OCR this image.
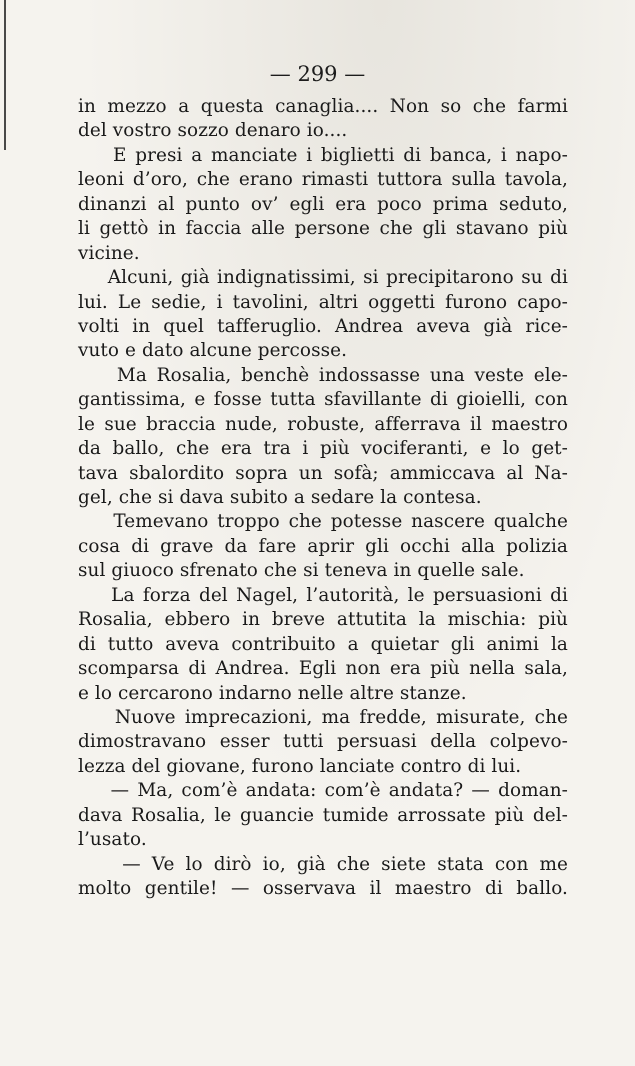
— 299 —
in mezzo a questa canaglia.... Non so che farmi
del vostro sozzo denaro io....
E presi a manciate i biglietti di banca, i napo-
leoni d’oro, che erano rimasti tuttora sulla tavola,
dinanzi al punto ov’ egli era poco prima seduto,
li gettò in faccia alle persone che gli stavano più
vicine.
Alcuni, già indignatissimi, si precipitarono su di
lui. Le sedie, i tavolini, altri oggetti furono capo-
volti in quel tafferuglio. Andrea aveva già rice-
vuto e dato alcune percosse.
Ma Rosalia, benchè indossasse una veste ele-
gantissima, e fosse tutta sfavillante di gioielli, con
le sue braccia nude, robuste, afferrava il maestro
da ballo, che era tra i più vociferanti, e lo get-
tava sbalordito sopra un sofà; ammiccava al Na-
gel, che si dava subito a sedare la contesa.
Temevano troppo che potesse nascere qualche
cosa di grave da fare aprir gli occhi alla polizia
sul giuoco sfrenato che si teneva in quelle sale.
La forza del Nagel, l’autorità, le persuasioni di
Rosalia, ebbero in breve attutita la mischia: più
di tutto aveva contribuito a quietar gli animi la
scomparsa di Andrea. Egli non era più nella sala,
e lo cercarono indarno nelle altre stanze.
Nuove imprecazioni, ma fredde, misurate, che
dimostravano esser tutti persuasi della colpevo-
lezza del giovane, furono lanciate contro di lui.
— Ma, com’è andata: com’è andata? — doman-
dava Rosalia, le guancie tumide arrossate più del-
l’usato.
— Ve lo dirò io, già che siete stata con me
molto gentile! — osservava il maestro di ballo.
